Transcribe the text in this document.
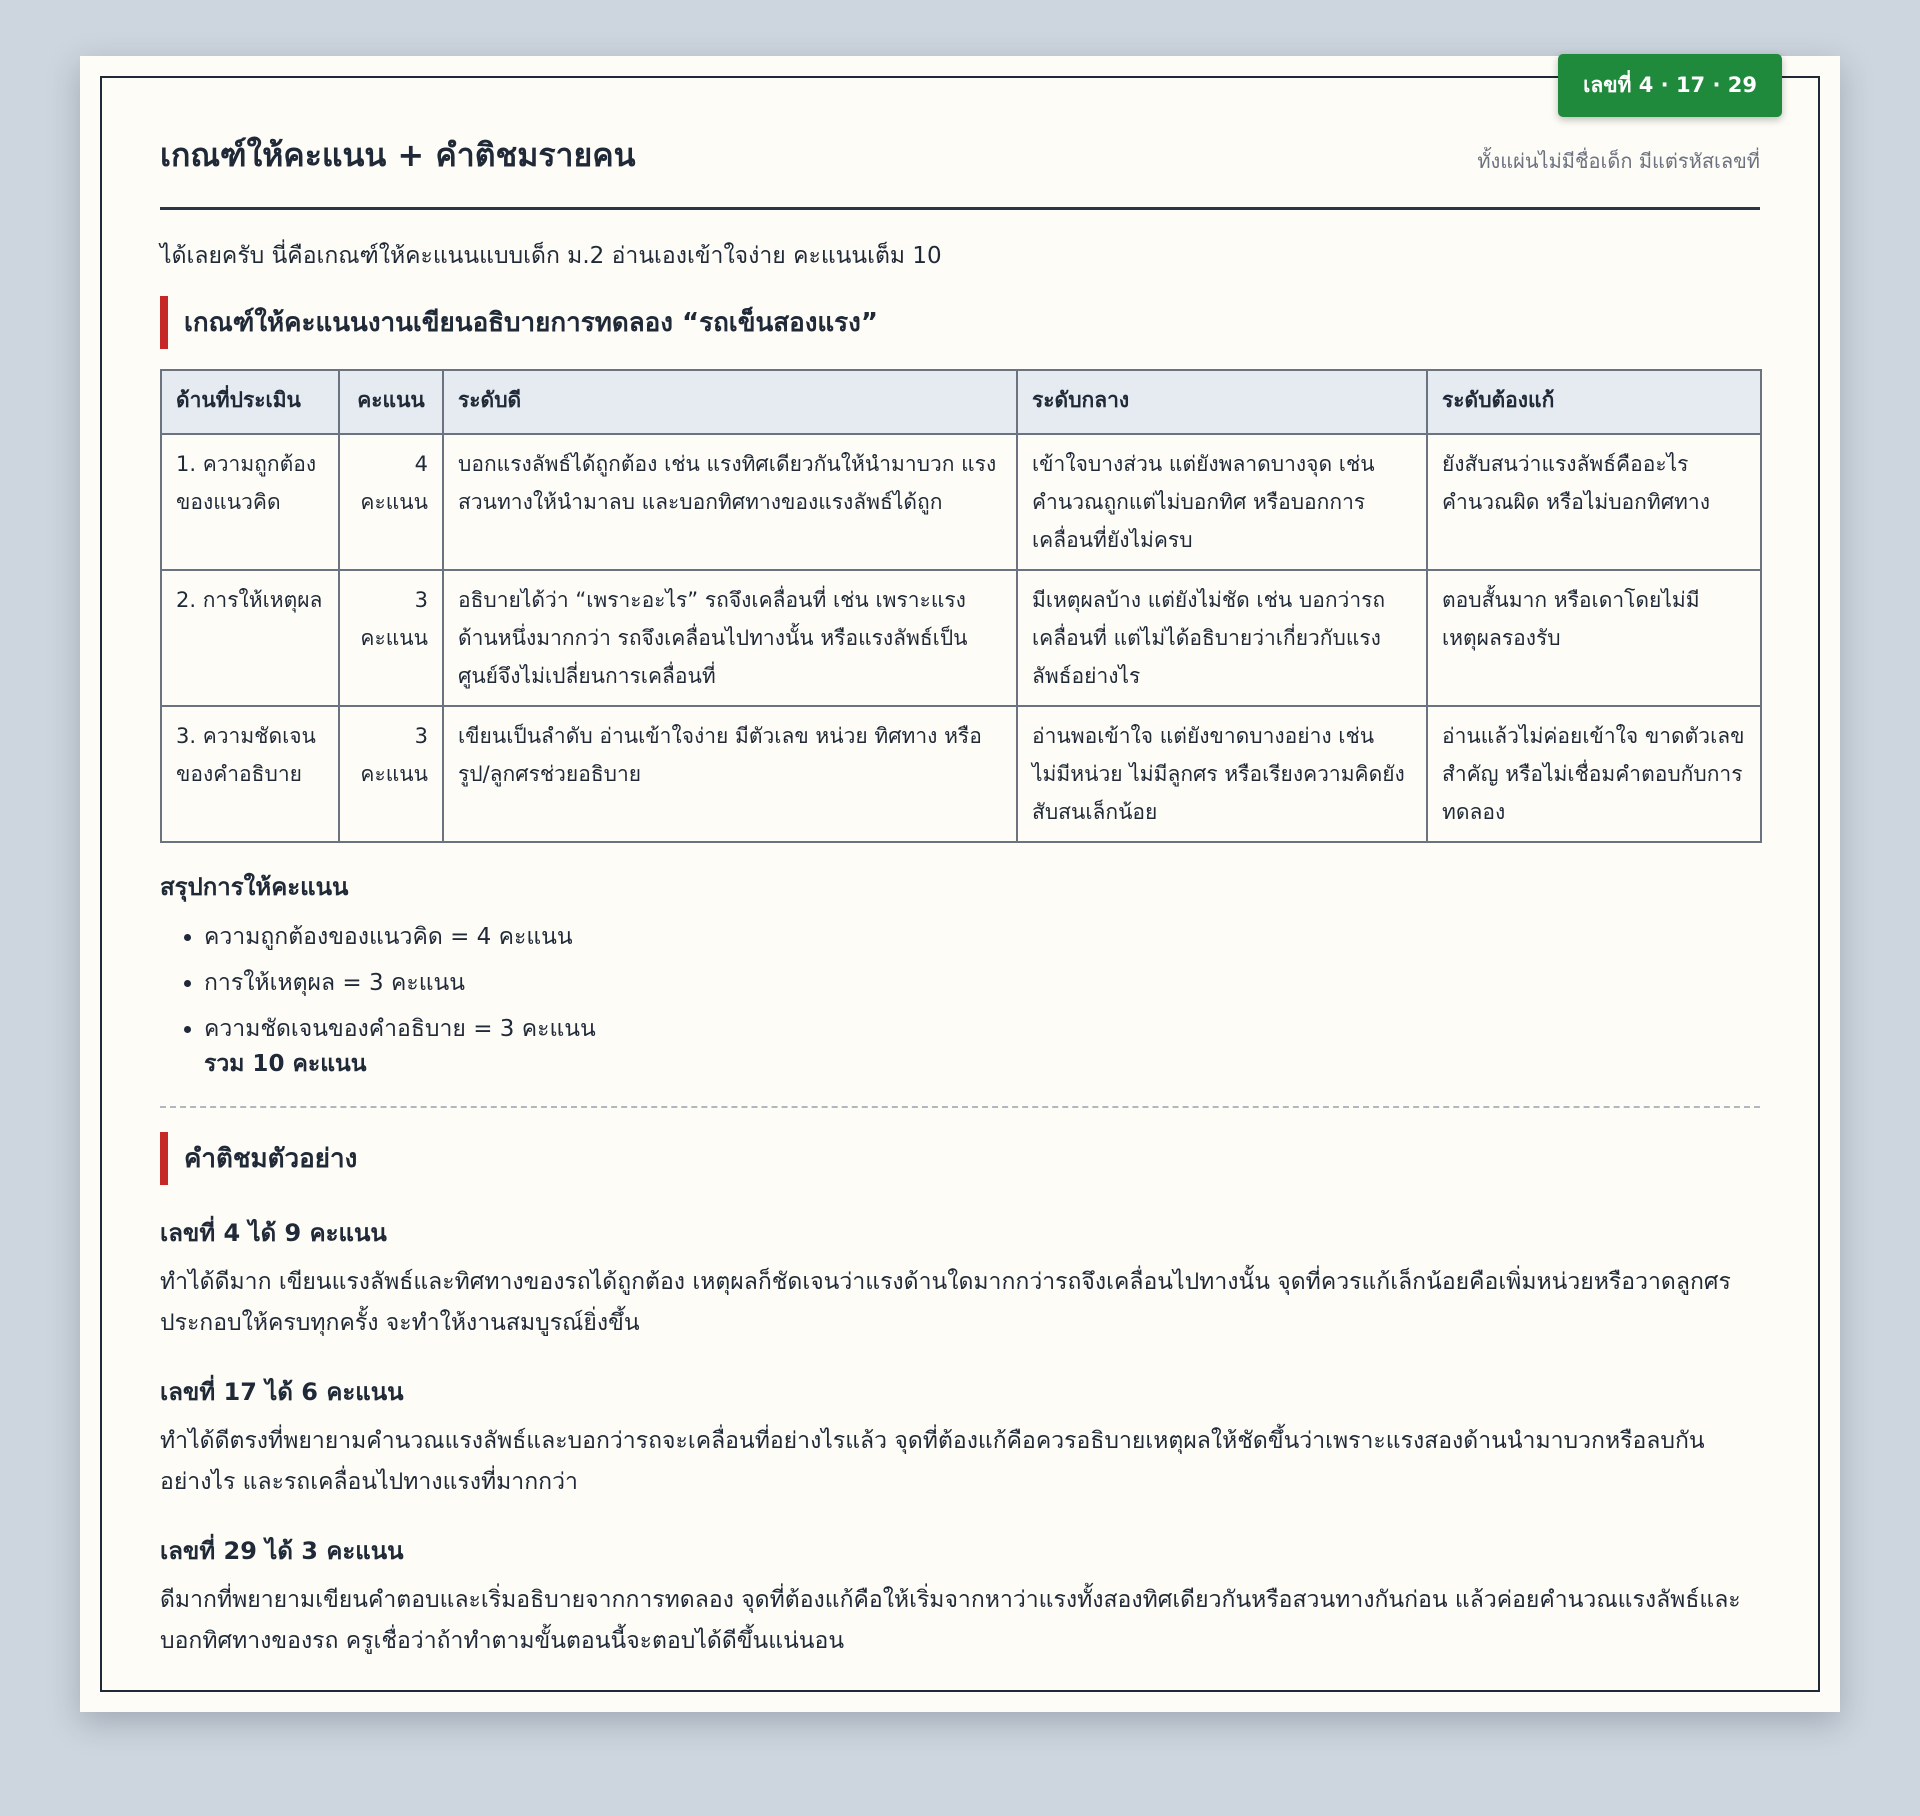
เลขที่ 4 · 17 · 29
เกณฑ์ให้คะแนน + คำติชมรายคน	ทั้งแผ่นไม่มีชื่อเด็ก มีแต่รหัสเลขที่

ได้เลยครับ นี่คือเกณฑ์ให้คะแนนแบบเด็ก ม.2 อ่านเองเข้าใจง่าย คะแนนเต็ม 10

เกณฑ์ให้คะแนนงานเขียนอธิบายการทดลอง “รถเข็นสองแรง”
ด้านที่ประเมิน	คะแนน	ระดับดี	ระดับกลาง	ระดับต้องแก้
1. ความถูกต้องของแนวคิด	4 คะแนน	บอกแรงลัพธ์ได้ถูกต้อง เช่น แรงทิศเดียวกันให้นำมาบวก แรงสวนทางให้นำมาลบ และบอกทิศทางของแรงลัพธ์ได้ถูก	เข้าใจบางส่วน แต่ยังพลาดบางจุด เช่น คำนวณถูกแต่ไม่บอกทิศ หรือบอกการเคลื่อนที่ยังไม่ครบ	ยังสับสนว่าแรงลัพธ์คืออะไร คำนวณผิด หรือไม่บอกทิศทาง
2. การให้เหตุผล	3 คะแนน	อธิบายได้ว่า “เพราะอะไร” รถจึงเคลื่อนที่ เช่น เพราะแรงด้านหนึ่งมากกว่า รถจึงเคลื่อนไปทางนั้น หรือแรงลัพธ์เป็นศูนย์จึงไม่เปลี่ยนการเคลื่อนที่	มีเหตุผลบ้าง แต่ยังไม่ชัด เช่น บอกว่ารถเคลื่อนที่ แต่ไม่ได้อธิบายว่าเกี่ยวกับแรงลัพธ์อย่างไร	ตอบสั้นมาก หรือเดาโดยไม่มีเหตุผลรองรับ
3. ความชัดเจนของคำอธิบาย	3 คะแนน	เขียนเป็นลำดับ อ่านเข้าใจง่าย มีตัวเลข หน่วย ทิศทาง หรือรูป/ลูกศรช่วยอธิบาย	อ่านพอเข้าใจ แต่ยังขาดบางอย่าง เช่น ไม่มีหน่วย ไม่มีลูกศร หรือเรียงความคิดยังสับสนเล็กน้อย	อ่านแล้วไม่ค่อยเข้าใจ ขาดตัวเลขสำคัญ หรือไม่เชื่อมคำตอบกับการทดลอง
สรุปการให้คะแนน
• ความถูกต้องของแนวคิด = 4 คะแนน
• การให้เหตุผล = 3 คะแนน
• ความชัดเจนของคำอธิบาย = 3 คะแนน
รวม 10 คะแนน
คำติชมตัวอย่าง
เลขที่ 4 ได้ 9 คะแนน
ทำได้ดีมาก เขียนแรงลัพธ์และทิศทางของรถได้ถูกต้อง เหตุผลก็ชัดเจนว่าแรงด้านใดมากกว่ารถจึงเคลื่อนไปทางนั้น จุดที่ควรแก้เล็กน้อยคือเพิ่มหน่วยหรือวาดลูกศรประกอบให้ครบทุกครั้ง จะทำให้งานสมบูรณ์ยิ่งขึ้น
เลขที่ 17 ได้ 6 คะแนน
ทำได้ดีตรงที่พยายามคำนวณแรงลัพธ์และบอกว่ารถจะเคลื่อนที่อย่างไรแล้ว จุดที่ต้องแก้คือควรอธิบายเหตุผลให้ชัดขึ้นว่าเพราะแรงสองด้านนำมาบวกหรือลบกันอย่างไร และรถเคลื่อนไปทางแรงที่มากกว่า
เลขที่ 29 ได้ 3 คะแนน
ดีมากที่พยายามเขียนคำตอบและเริ่มอธิบายจากการทดลอง จุดที่ต้องแก้คือให้เริ่มจากหาว่าแรงทั้งสองทิศเดียวกันหรือสวนทางกันก่อน แล้วค่อยคำนวณแรงลัพธ์และบอกทิศทางของรถ ครูเชื่อว่าถ้าทำตามขั้นตอนนี้จะตอบได้ดีขึ้นแน่นอน
